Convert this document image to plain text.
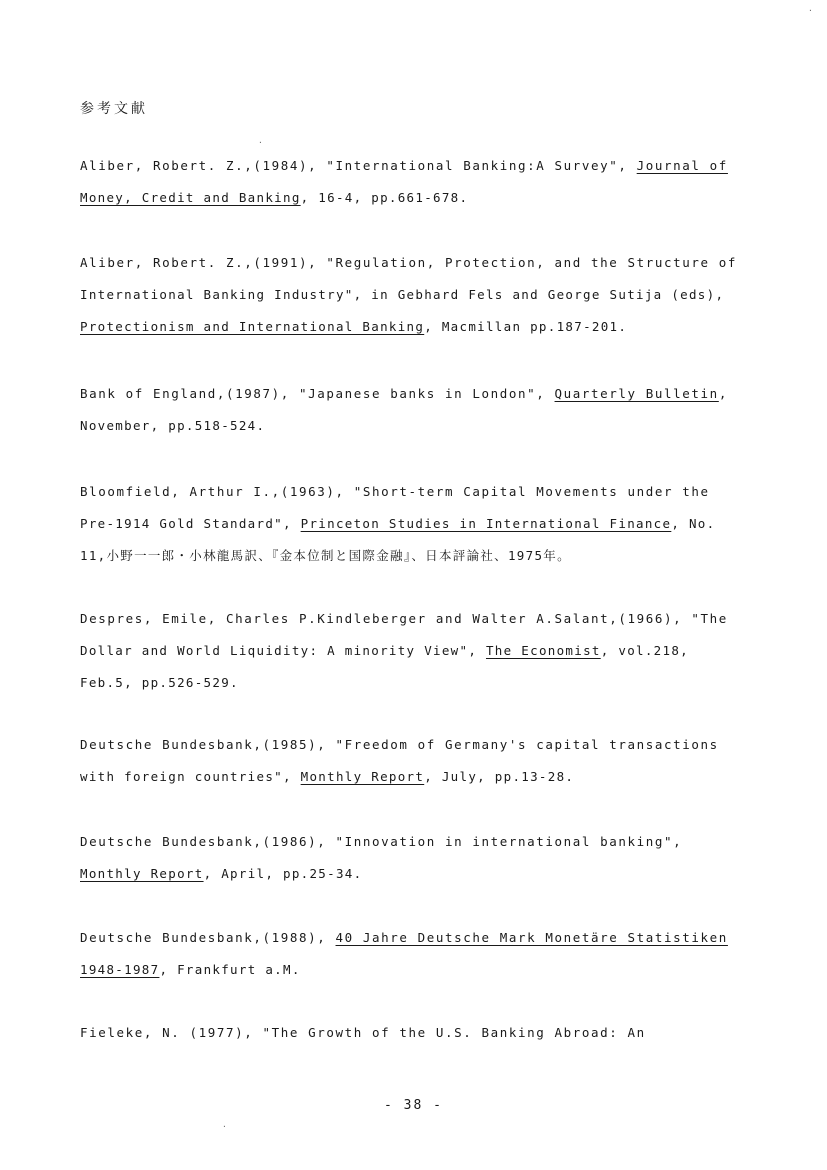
参考文献
Aliber, Robert. Z.,(1984), "International Banking:A Survey", Journal of
Money, Credit and Banking, 16-4, pp.661-678.
Aliber, Robert. Z.,(1991), "Regulation, Protection, and the Structure of
International Banking Industry", in Gebhard Fels and George Sutija (eds),
Protectionism and International Banking, Macmillan pp.187-201.
Bank of England,(1987), "Japanese banks in London", Quarterly Bulletin,
November, pp.518-524.
Bloomfield, Arthur I.,(1963), "Short-term Capital Movements under the
Pre-1914 Gold Standard", Princeton Studies in International Finance, No.
11,小野一一郎・小林龍馬訳、『金本位制と国際金融』、日本評論社、1975年。
Despres, Emile, Charles P.Kindleberger and Walter A.Salant,(1966), "The
Dollar and World Liquidity: A minority View", The Economist, vol.218,
Feb.5, pp.526-529.
Deutsche Bundesbank,(1985), "Freedom of Germany's capital transactions
with foreign countries", Monthly Report, July, pp.13-28.
Deutsche Bundesbank,(1986), "Innovation in international banking",
Monthly Report, April, pp.25-34.
Deutsche Bundesbank,(1988), 40 Jahre Deutsche Mark Monetäre Statistiken
1948-1987, Frankfurt a.M.
Fieleke, N. (1977), "The Growth of the U.S. Banking Abroad: An
- 38 -
·
·
·
